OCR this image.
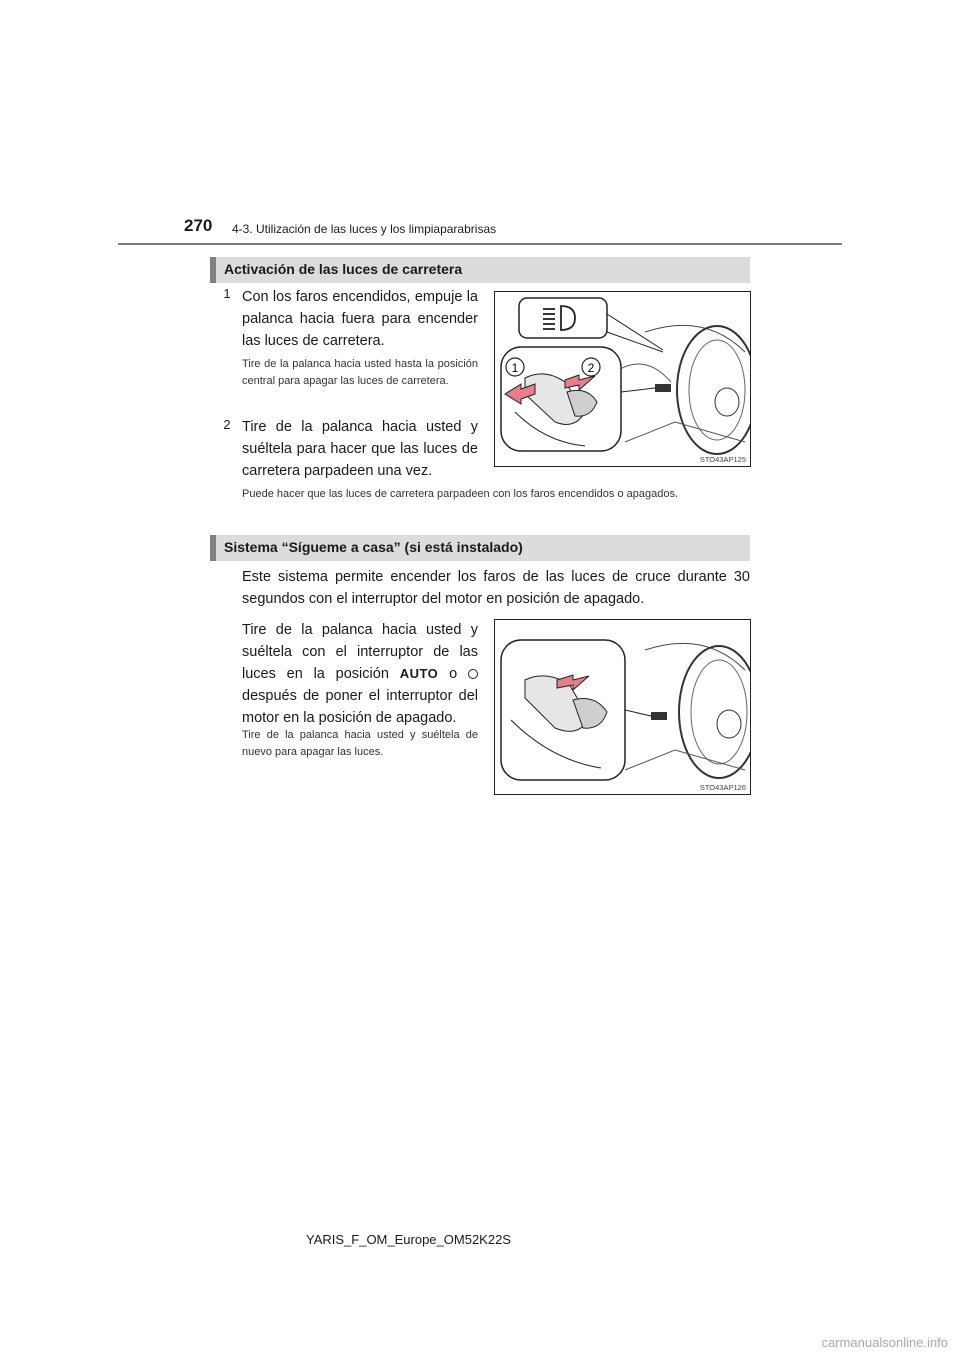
270 4-3. Utilización de las luces y los limpiaparabrisas
Activación de las luces de carretera
1 Con los faros encendidos, empuje la palanca hacia fuera para encender las luces de carretera.
Tire de la palanca hacia usted hasta la posición central para apagar las luces de carretera.
2 Tire de la palanca hacia usted y suéltela para hacer que las luces de carretera parpadeen una vez.
Puede hacer que las luces de carretera parpadeen con los faros encendidos o apagados.
1	2
STO43AP125
Sistema “Sígueme a casa” (si está instalado)
Este sistema permite encender los faros de las luces de cruce durante 30 segundos con el interruptor del motor en posición de apagado.
Tire de la palanca hacia usted y suéltela con el interruptor de las luces en la posición AUTO o  después de poner el interruptor del motor en la posición de apagado.
Tire de la palanca hacia usted y suéltela de nuevo para apagar las luces.
STO43AP126
YARIS_F_OM_Europe_OM52K22S
carmanualsonline.info
